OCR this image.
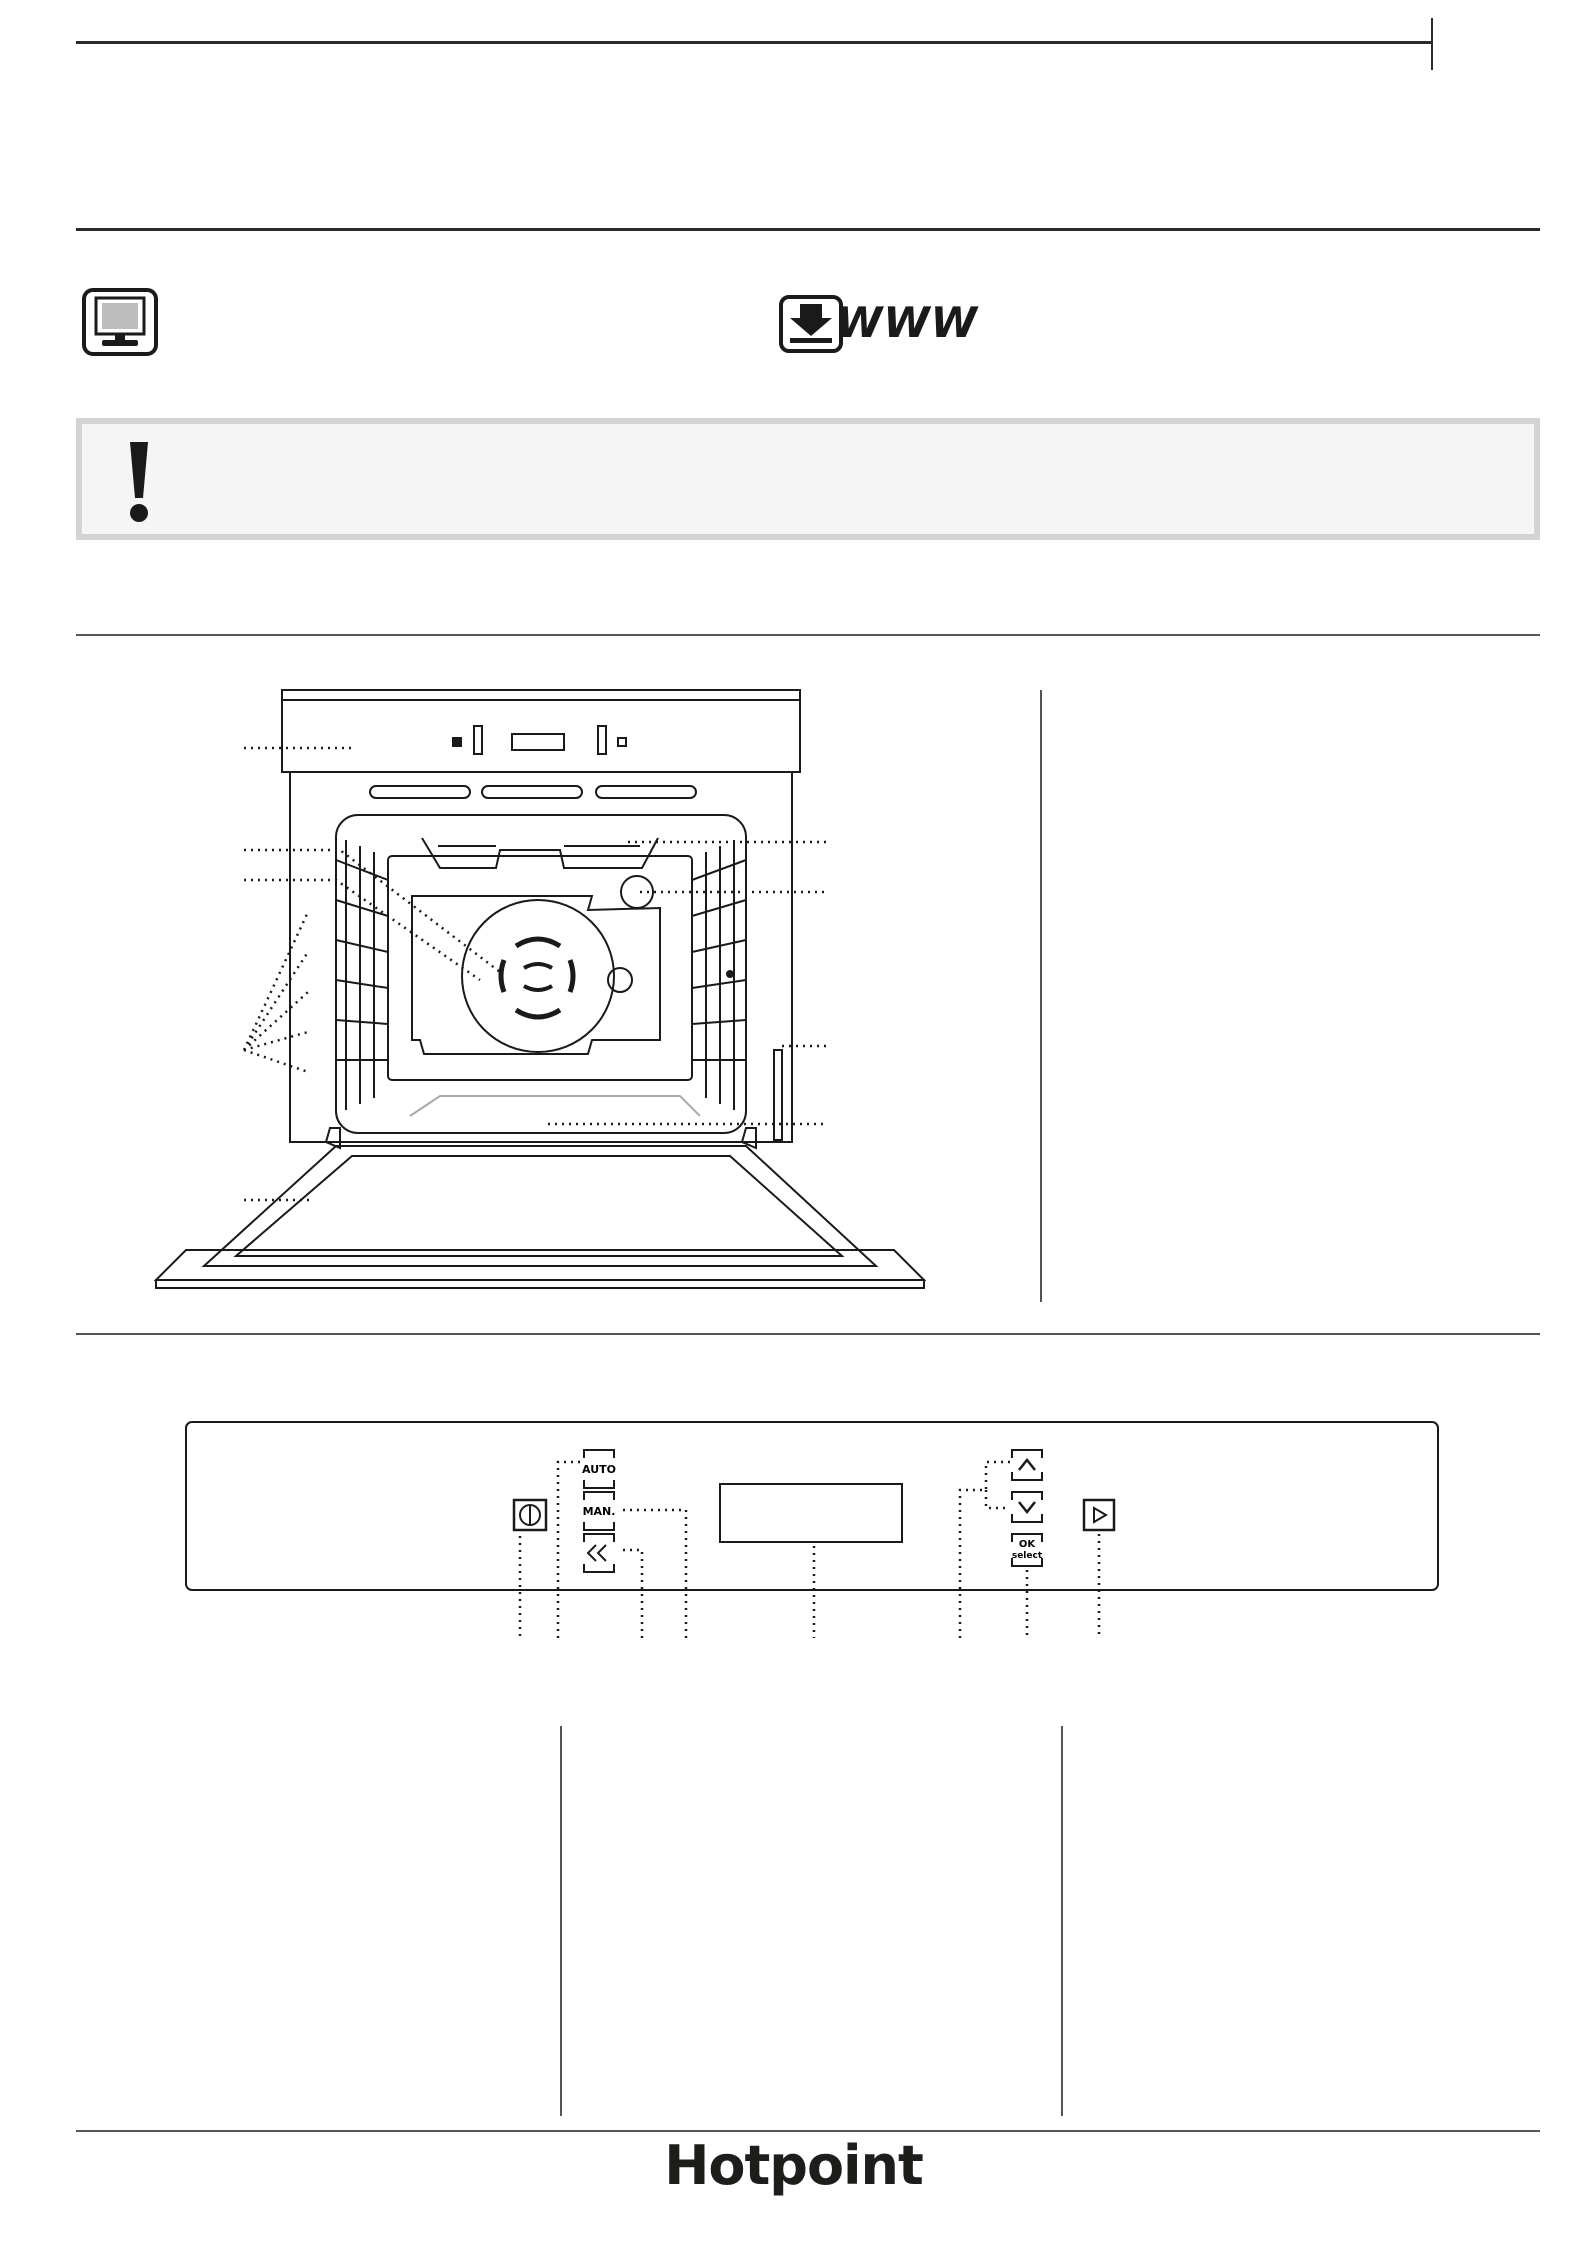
WWW
AUTO
MAN.
OK
select
Hotpoint
